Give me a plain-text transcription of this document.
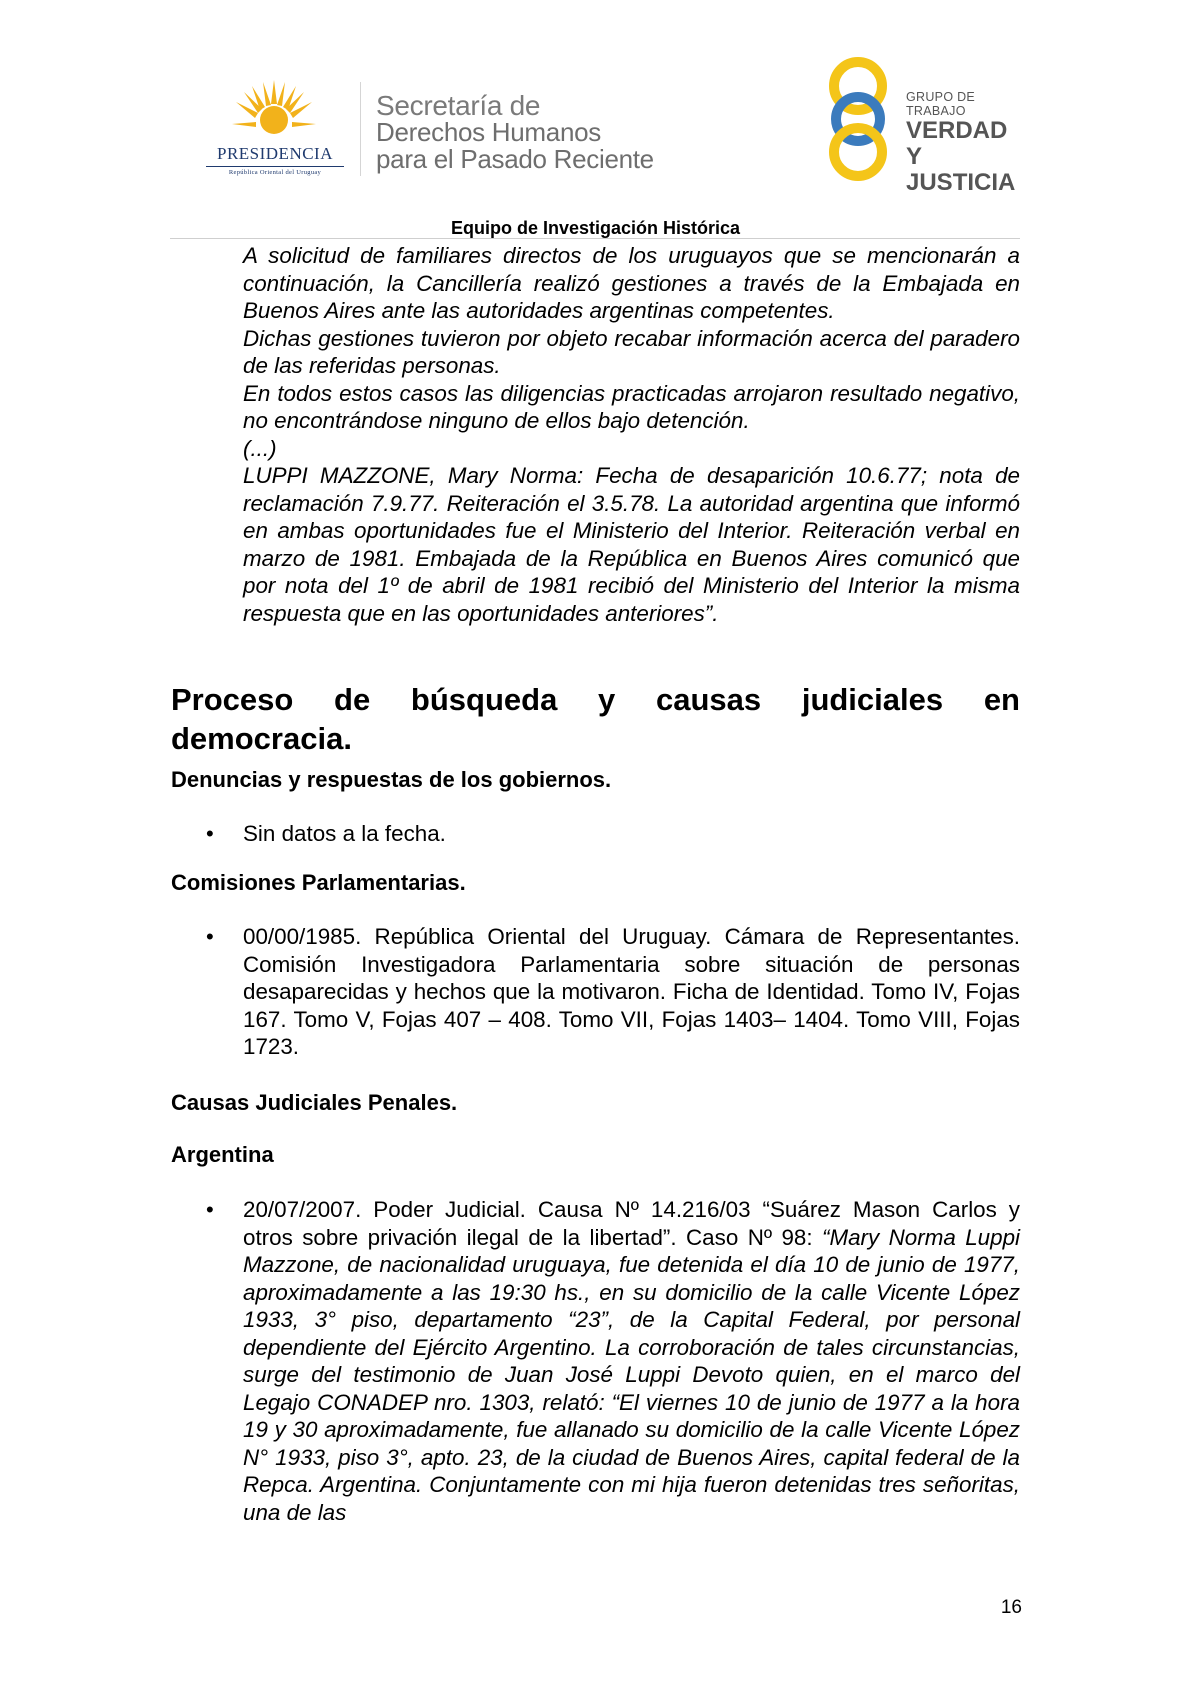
PRESIDENCIA
República Oriental del Uruguay
Secretaría de
Derechos Humanos
para el Pasado Reciente
GRUPO DE TRABAJO
VERDAD Y
JUSTICIA
Equipo de Investigación Histórica

A solicitud de familiares directos de los uruguayos que se mencionarán a continuación, la Cancillería realizó gestiones a través de la Embajada en Buenos Aires ante las autoridades argentinas competentes.

Dichas gestiones tuvieron por objeto recabar información acerca del paradero de las referidas personas.

En todos estos casos las diligencias practicadas arrojaron resultado negativo, no encontrándose ninguno de ellos bajo detención.

(...)

LUPPI MAZZONE, Mary Norma: Fecha de desaparición 10.6.77; nota de reclamación 7.9.77. Reiteración el 3.5.78. La autoridad argentina que informó en ambas oportunidades fue el Ministerio del Interior. Reiteración verbal en marzo de 1981. Embajada de la República en Buenos Aires comunicó que por nota del 1º de abril de 1981 recibió del Ministerio del Interior la misma respuesta que en las oportunidades anteriores”.

Proceso de búsqueda y causas judiciales en
democracia.
Denuncias y respuestas de los gobiernos.
•	Sin datos a la fecha.
Comisiones Parlamentarias.
•	00/00/1985. República Oriental del Uruguay. Cámara de Representantes. Comisión Investigadora Parlamentaria sobre situación de personas desaparecidas y hechos que la motivaron. Ficha de Identidad. Tomo IV, Fojas 167. Tomo V, Fojas 407 – 408. Tomo VII, Fojas 1403– 1404. Tomo VIII, Fojas 1723.
Causas Judiciales Penales.
Argentina
•	20/07/2007. Poder Judicial. Causa Nº 14.216/03 “Suárez Mason Carlos y otros sobre privación ilegal de la libertad”. Caso Nº 98: “Mary Norma Luppi Mazzone, de nacionalidad uruguaya, fue detenida el día 10 de junio de 1977, aproximadamente a las 19:30 hs., en su domicilio de la calle Vicente López 1933, 3° piso, departamento “23”, de la Capital Federal, por personal dependiente del Ejército Argentino. La corroboración de tales circunstancias, surge del testimonio de Juan José Luppi Devoto quien, en el marco del Legajo CONADEP nro. 1303, relató: “El viernes 10 de junio de 1977 a la hora 19 y 30 aproximadamente, fue allanado su domicilio de la calle Vicente López N° 1933, piso 3°, apto. 23, de la ciudad de Buenos Aires, capital federal de la Repca. Argentina. Conjuntamente con mi hija fueron detenidas tres señoritas, una de las
16
